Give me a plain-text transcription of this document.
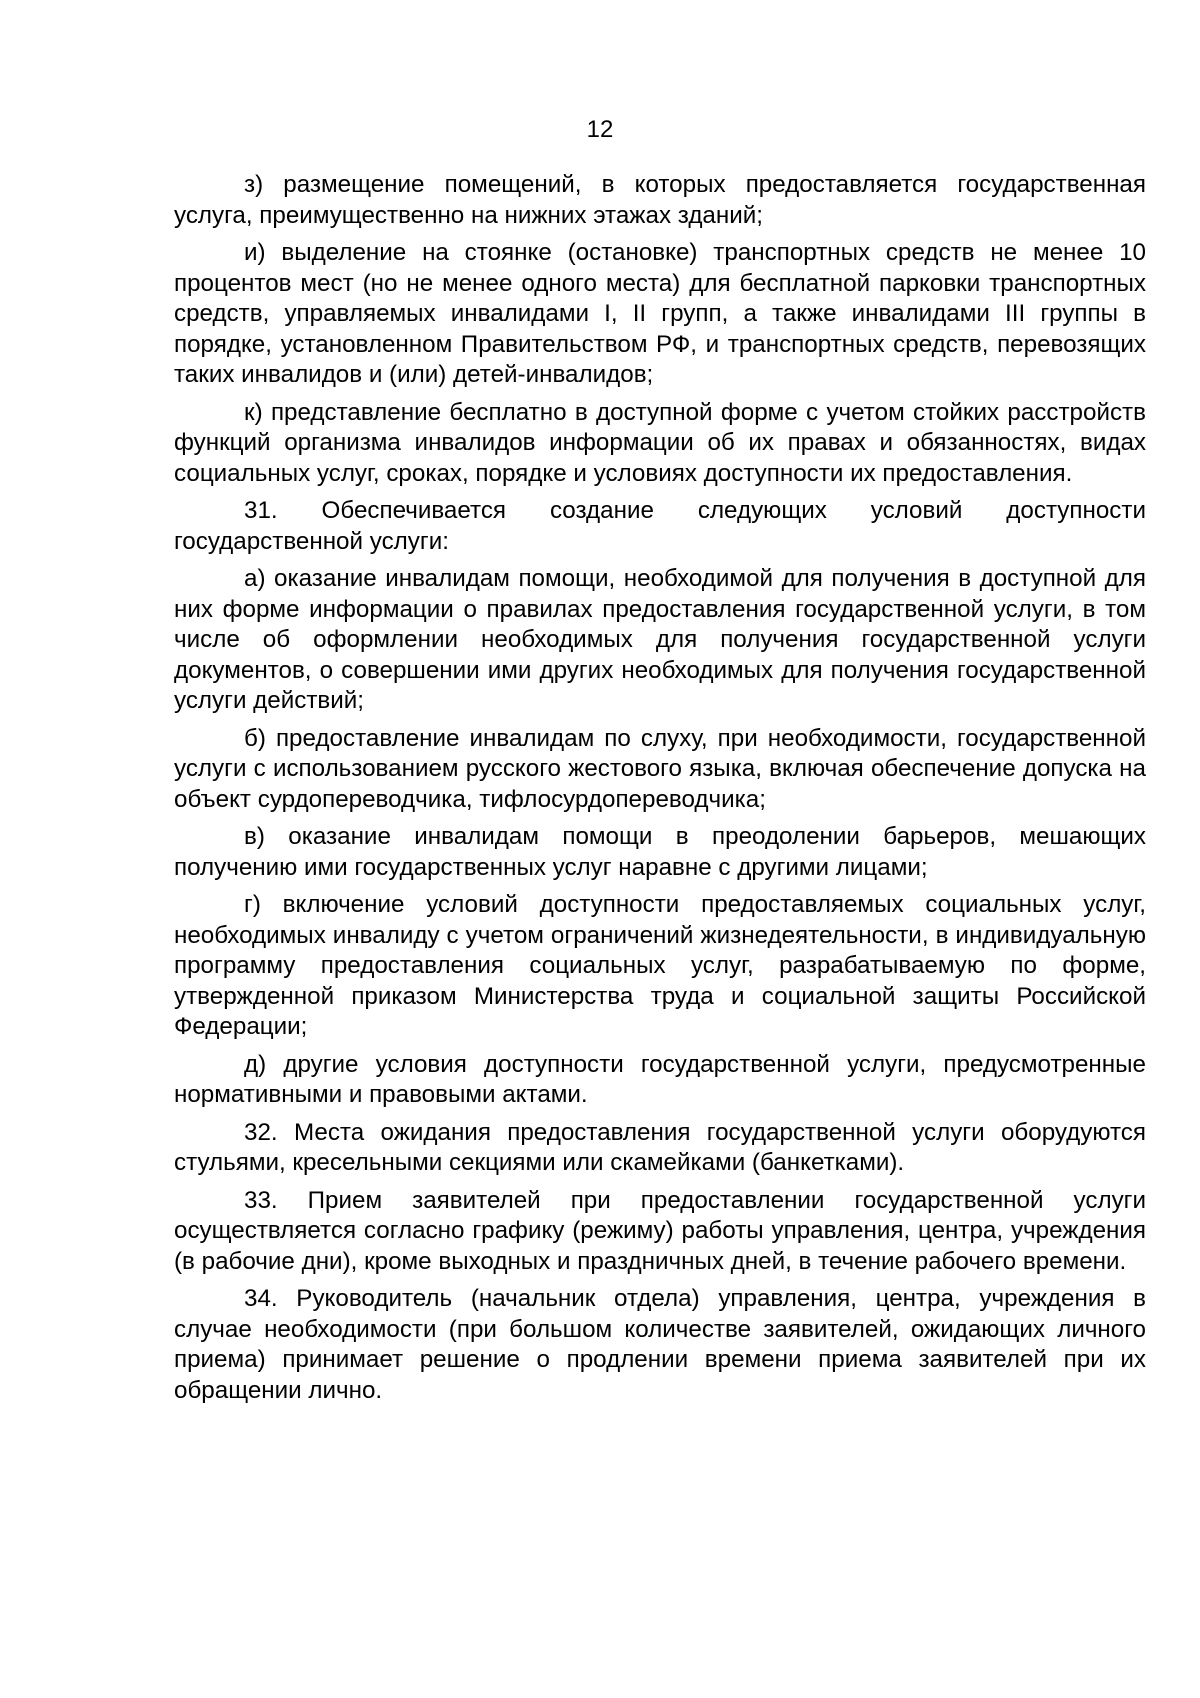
12

з) размещение помещений, в которых предоставляется государственная услуга, преимущественно на нижних этажах зданий;

и) выделение на стоянке (остановке) транспортных средств не менее 10 процентов мест (но не менее одного места) для бесплатной парковки транспортных средств, управляемых инвалидами I, II групп, а также инвалидами III группы в порядке, установленном Правительством РФ, и транспортных средств, перевозящих таких инвалидов и (или) детей-инвалидов;

к) представление бесплатно в доступной форме с учетом стойких расстройств функций организма инвалидов информации об их правах и обязанностях, видах социальных услуг, сроках, порядке и условиях доступности их предоставления.

31. Обеспечивается создание следующих условий доступности государственной услуги:

а) оказание инвалидам помощи, необходимой для получения в доступной для них форме информации о правилах предоставления государственной услуги, в том числе об оформлении необходимых для получения государственной услуги документов, о совершении ими других необходимых для получения государственной услуги действий;

б) предоставление инвалидам по слуху, при необходимости, государственной услуги с использованием русского жестового языка, включая обеспечение допуска на объект сурдопереводчика, тифлосурдопереводчика;

в) оказание инвалидам помощи в преодолении барьеров, мешающих получению ими государственных услуг наравне с другими лицами;

г) включение условий доступности предоставляемых социальных услуг, необходимых инвалиду с учетом ограничений жизнедеятельности, в индивидуальную программу предоставления социальных услуг, разрабатываемую по форме, утвержденной приказом Министерства труда и социальной защиты Российской Федерации;

д) другие условия доступности государственной услуги, предусмотренные нормативными и правовыми актами.

32. Места ожидания предоставления государственной услуги оборудуются стульями, кресельными секциями или скамейками (банкетками).

33. Прием заявителей при предоставлении государственной услуги осуществляется согласно графику (режиму) работы управления, центра, учреждения (в рабочие дни), кроме выходных и праздничных дней, в течение рабочего времени.

34. Руководитель (начальник отдела) управления, центра, учреждения в случае необходимости (при большом количестве заявителей, ожидающих личного приема) принимает решение о продлении времени приема заявителей при их обращении лично.
